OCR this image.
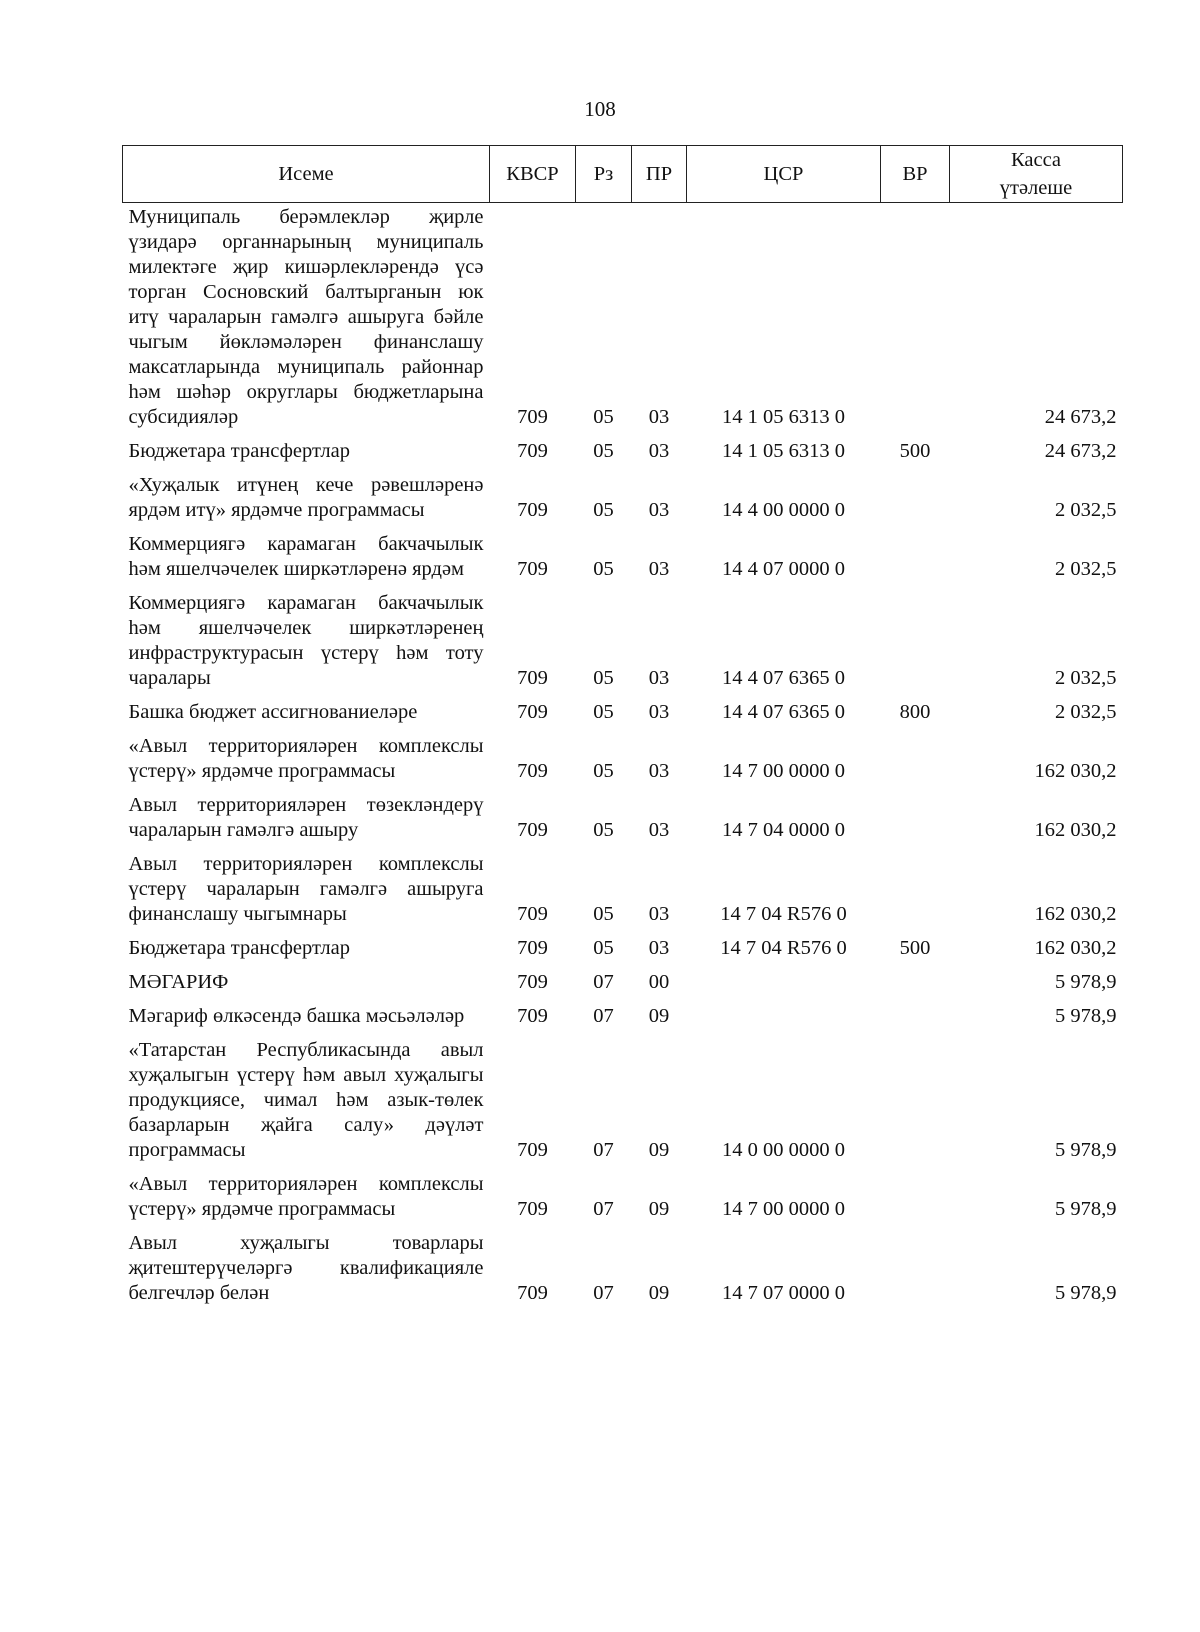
108
Исеме	КВСР	Рз	ПР	ЦСР	ВР	Касса
үтәлеше

Муниципаль берәмлекләр җирле үзидарә органнарының муниципаль милектәге җир кишәрлекләрендә үсә торган Сосновский балтырганын юк итү чараларын гамәлгә ашыруга бәйле чыгым йөкләмәләрен финанслашу максатларында муниципаль районнар һәм шәһәр округлары бюджетларына субсидияләр	709	05	03	14 1 05 6313 0		24 673,2
Бюджетара трансфертлар	709	05	03	14 1 05 6313 0	500	24 673,2
«Хуҗалык итүнең кече рәвешләренә ярдәм итү» ярдәмче программасы	709	05	03	14 4 00 0000 0		2 032,5
Коммерциягә карамаган бакчачылык һәм яшелчәчелек ширкәтләренә ярдәм	709	05	03	14 4 07 0000 0		2 032,5
Коммерциягә карамаган бакчачылык һәм яшелчәчелек ширкәтләренең инфраструктурасын үстерү һәм тоту чаралары	709	05	03	14 4 07 6365 0		2 032,5
Башка бюджет ассигнованиеләре	709	05	03	14 4 07 6365 0	800	2 032,5
«Авыл территорияләрен комплекслы үстерү» ярдәмче программасы	709	05	03	14 7 00 0000 0		162 030,2
Авыл территорияләрен төзекләндерү чараларын гамәлгә ашыру	709	05	03	14 7 04 0000 0		162 030,2
Авыл территорияләрен комплекслы үстерү чараларын гамәлгә ашыруга финанслашу чыгымнары	709	05	03	14 7 04 R576 0		162 030,2
Бюджетара трансфертлар	709	05	03	14 7 04 R576 0	500	162 030,2
МӘГАРИФ	709	07	00			5 978,9
Мәгариф өлкәсендә башка мәсьәләләр	709	07	09			5 978,9
«Татарстан Республикасында авыл хуҗалыгын үстерү һәм авыл хуҗалыгы продукциясе, чимал һәм азык-төлек базарларын җайга салу» дәүләт программасы	709	07	09	14 0 00 0000 0		5 978,9
«Авыл территорияләрен комплекслы үстерү» ярдәмче программасы	709	07	09	14 7 00 0000 0		5 978,9
Авыл хуҗалыгы товарлары җитештерүчеләргә квалификацияле белгечләр белән	709	07	09	14 7 07 0000 0		5 978,9
